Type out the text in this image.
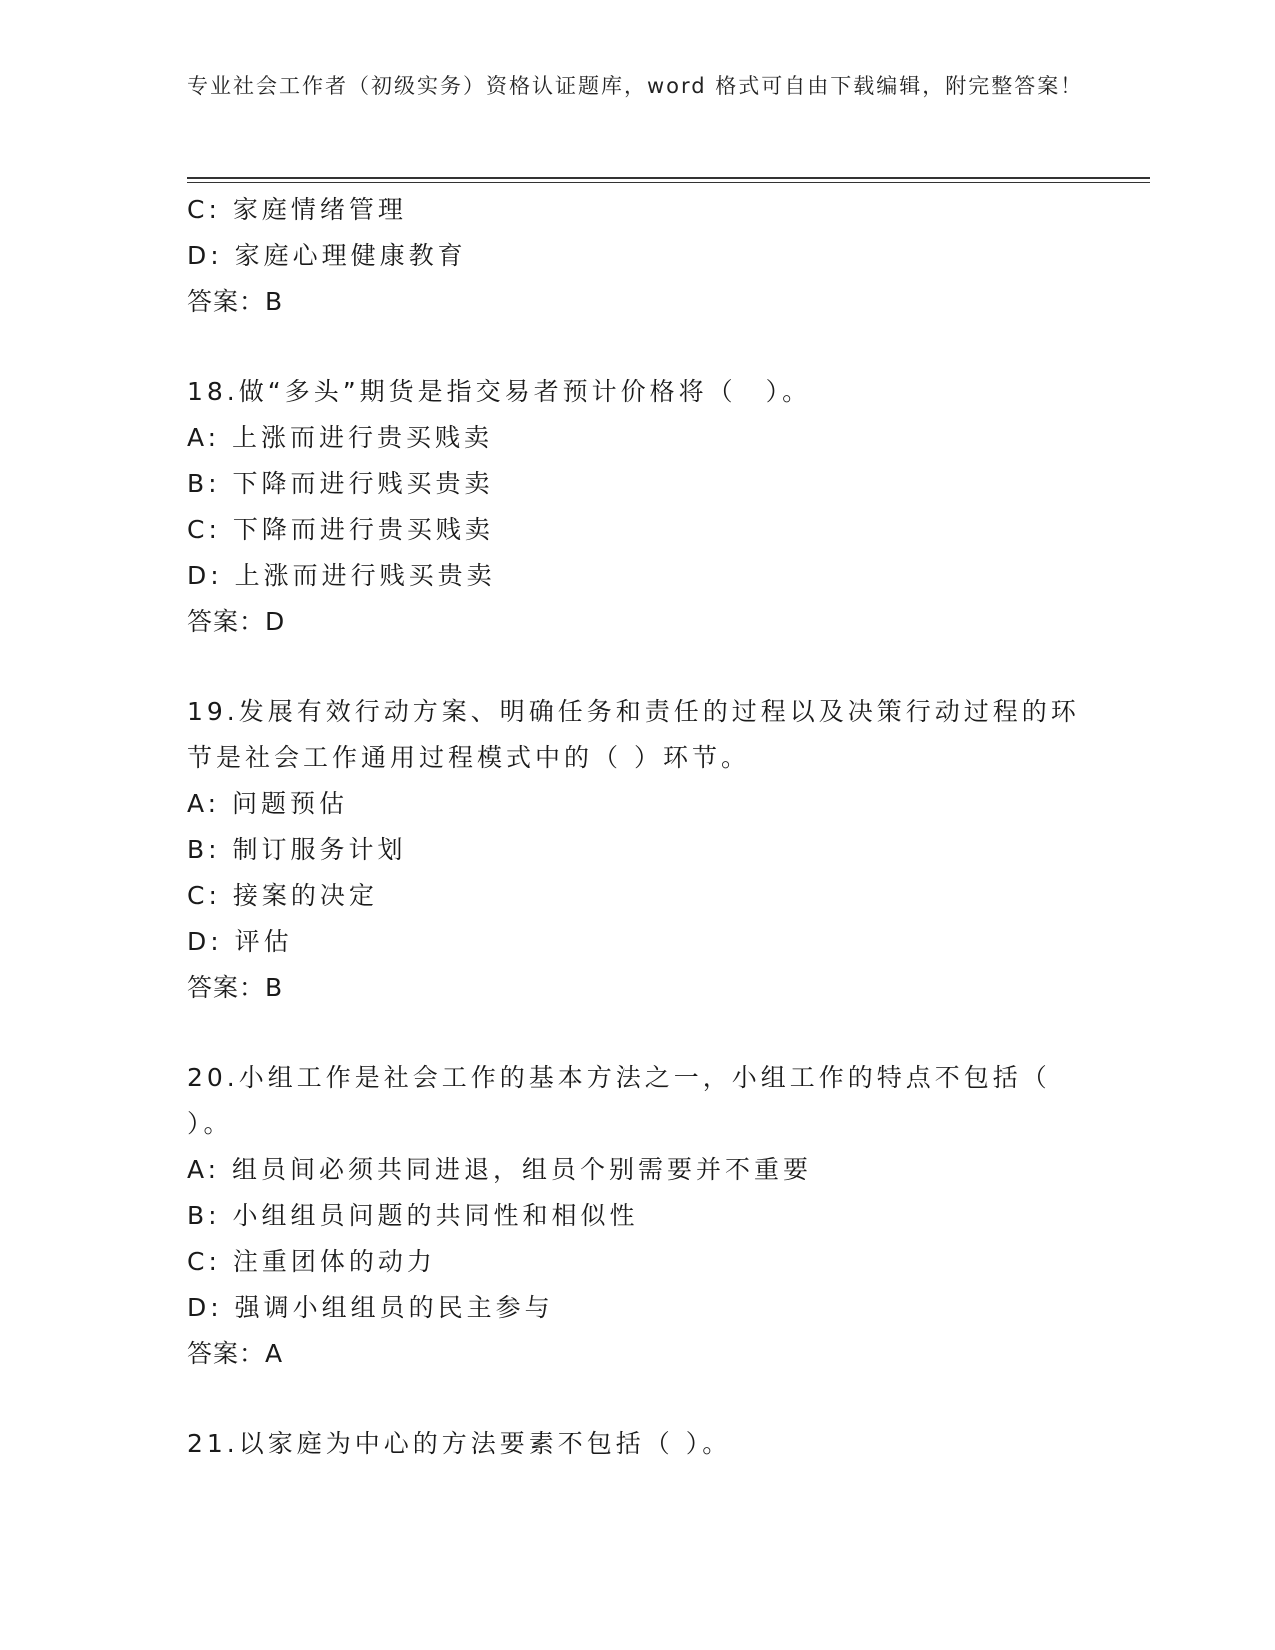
专业社会工作者（初级实务）资格认证题库，word 格式可自由下载编辑，附完整答案！
C: 家庭情绪管理
D: 家庭心理健康教育
答案：B
18.做“多头”期货是指交易者预计价格将（　）。
A: 上涨而进行贵买贱卖
B: 下降而进行贱买贵卖
C: 下降而进行贵买贱卖
D: 上涨而进行贱买贵卖
答案：D
19.发展有效行动方案、明确任务和责任的过程以及决策行动过程的环节是社会工作通用过程模式中的（ ）环节。
A: 问题预估
B: 制订服务计划
C: 接案的决定
D: 评估
答案：B
20.小组工作是社会工作的基本方法之一，小组工作的特点不包括（ ）。
A: 组员间必须共同进退，组员个别需要并不重要
B: 小组组员问题的共同性和相似性
C: 注重团体的动力
D: 强调小组组员的民主参与
答案：A
21.以家庭为中心的方法要素不包括（ ）。
